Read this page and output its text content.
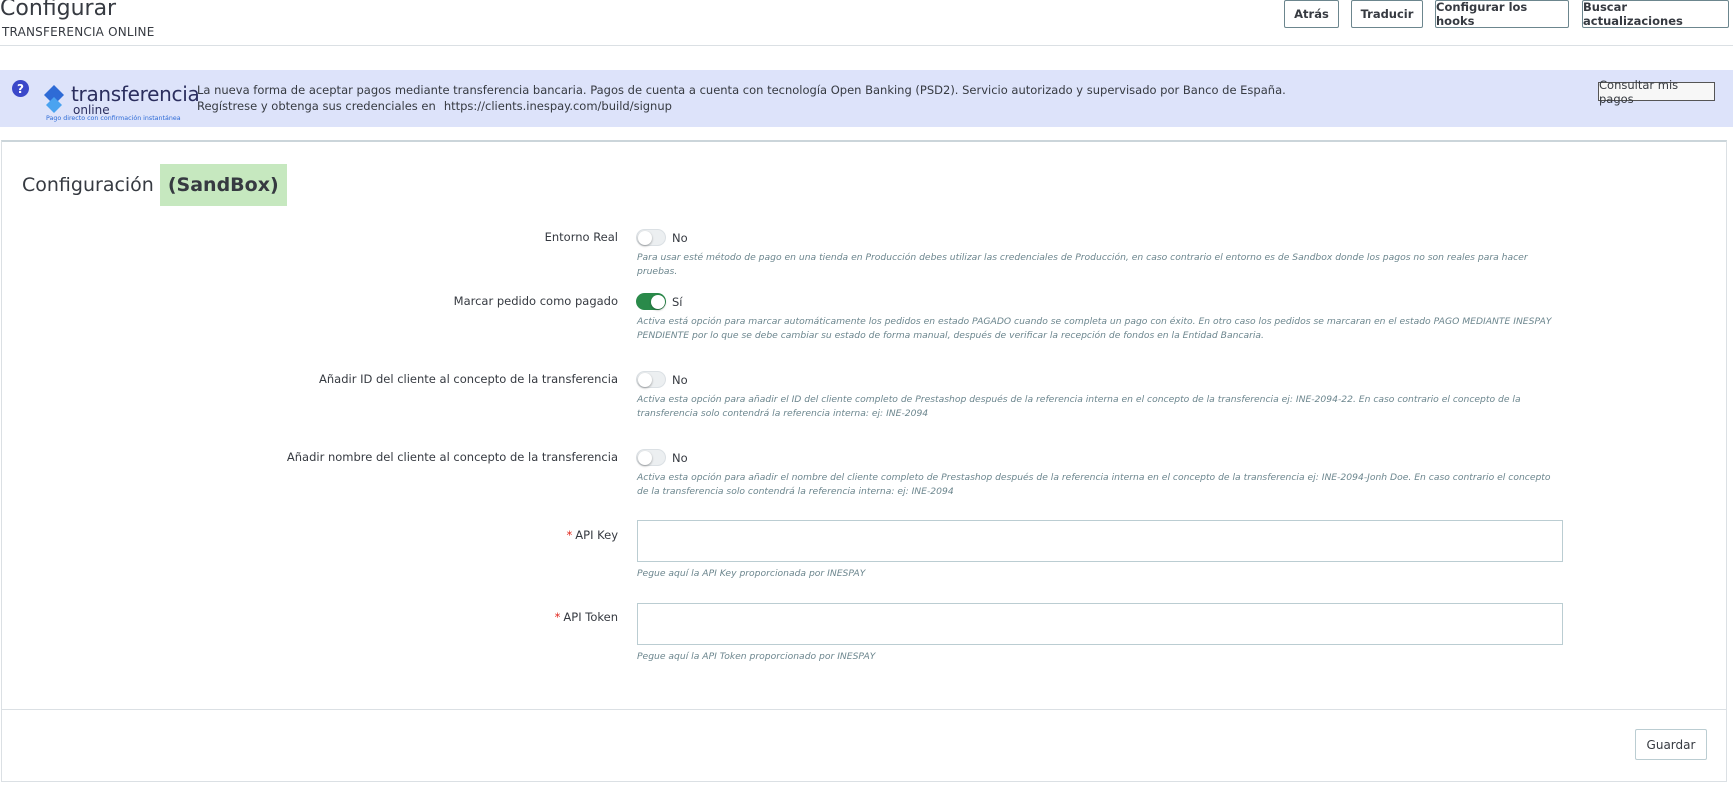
Configurar
TRANSFERENCIA ONLINE
Atrás	Traducir	Configurar los hooks
Buscar actualizaciones
? transferencia
online
Pago directo con confirmación instantánea
La nueva forma de aceptar pagos mediante transferencia bancaria. Pagos de cuenta a cuenta con tecnología Open Banking (PSD2). Servicio autorizado y supervisado por Banco de España.
Regístrese y obtenga sus credenciales en https://clients.inespay.com/build/signup
Consultar mis pagos
Configuración (SandBox)
Entorno Real	No
Para usar esté método de pago en una tienda en Producción debes utilizar las credenciales de Producción, en caso contrario el entorno es de Sandbox donde los pagos no son reales para hacer pruebas.
Marcar pedido como pagado	Sí
Activa está opción para marcar automáticamente los pedidos en estado PAGADO cuando se completa un pago con éxito. En otro caso los pedidos se marcaran en el estado PAGO MEDIANTE INESPAY PENDIENTE por lo que se debe cambiar su estado de forma manual, después de verificar la recepción de fondos en la Entidad Bancaria.
Añadir ID del cliente al concepto de la transferencia	No
Activa esta opción para añadir el ID del cliente completo de Prestashop después de la referencia interna en el concepto de la transferencia ej: INE-2094-22. En caso contrario el concepto de la transferencia solo contendrá la referencia interna: ej: INE-2094
Añadir nombre del cliente al concepto de la transferencia	No
Activa esta opción para añadir el nombre del cliente completo de Prestashop después de la referencia interna en el concepto de la transferencia ej: INE-2094-Jonh Doe. En caso contrario el concepto de la transferencia solo contendrá la referencia interna: ej: INE-2094
* API Key
Pegue aquí la API Key proporcionada por INESPAY
* API Token
Pegue aquí la API Token proporcionado por INESPAY
Guardar
